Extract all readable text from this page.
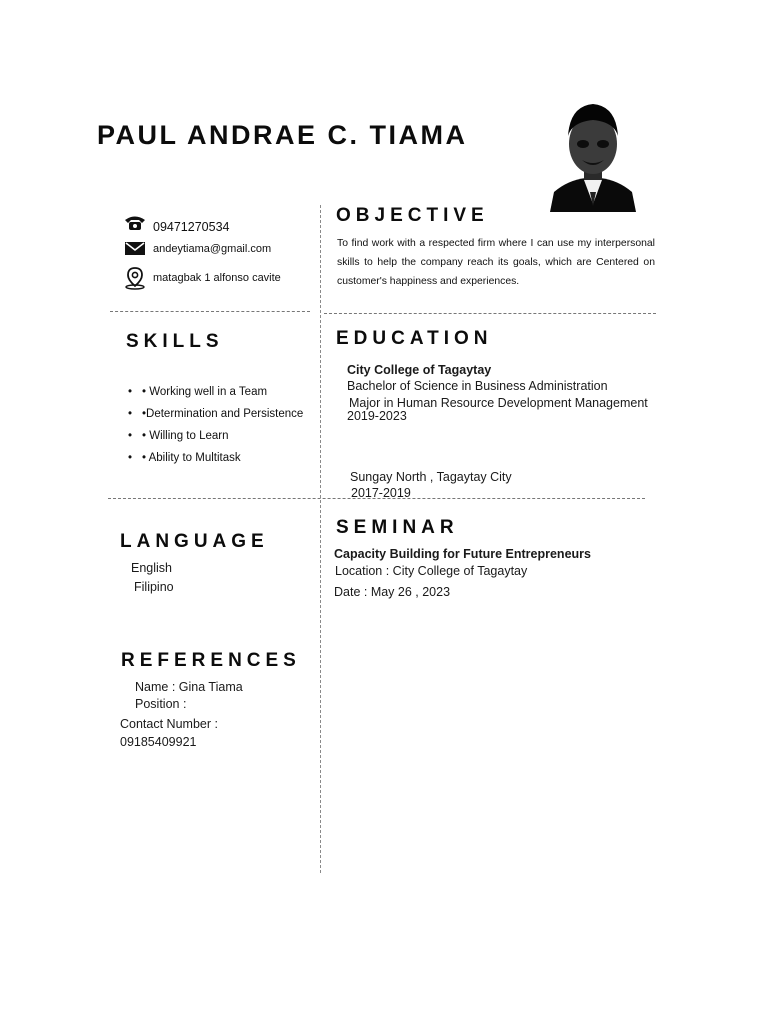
PAUL ANDRAE C. TIAMA
09471270534
andeytiama@gmail.com
matagbak 1 alfonso cavite
OBJECTIVE
To find work with a respected firm where I can use my interpersonal skills to help the company reach its goals, which are Centered on customer's happiness and experiences.
SKILLS
• • Working well in a Team
• •Determination and Persistence
• • Willing to Learn
• • Ability to Multitask
EDUCATION
City College of Tagaytay
Bachelor of Science in Business Administration
Major in Human Resource Development Management
2019-2023
Sungay North , Tagaytay City
2017-2019
LANGUAGE
English
Filipino
SEMINAR
Capacity Building for Future Entrepreneurs
Location : City College of Tagaytay
Date : May 26 , 2023
REFERENCES
Name : Gina Tiama
Position :
Contact Number :
09185409921
